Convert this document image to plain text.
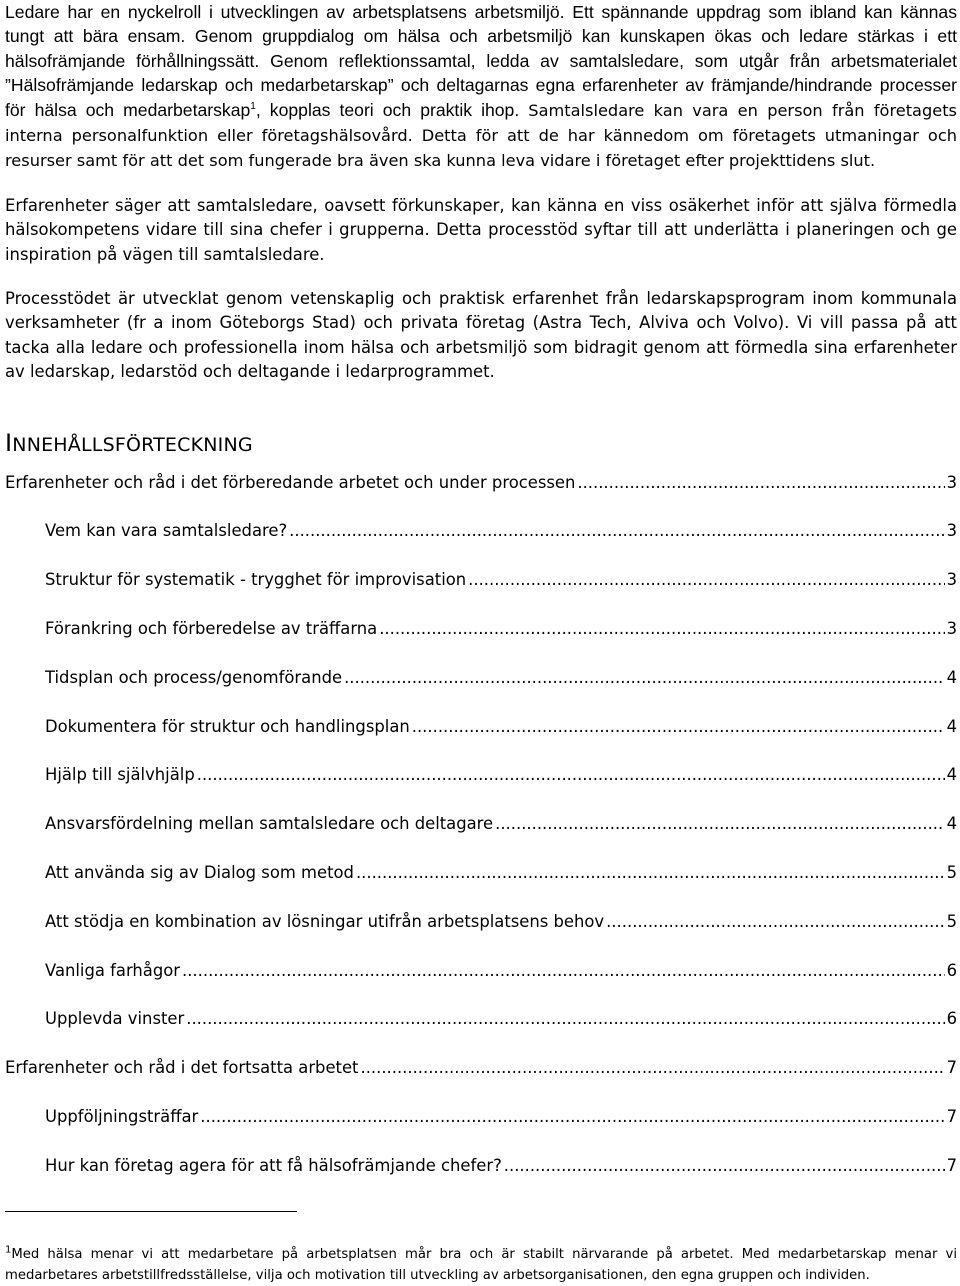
Ledare har en nyckelroll i utvecklingen av arbetsplatsens arbetsmiljö. Ett spännande uppdrag som ibland kan kännas tungt att bära ensam. Genom gruppdialog om hälsa och arbetsmiljö kan kunskapen ökas och ledare stärkas i ett hälsofrämjande förhållningssätt. Genom reflektionssamtal, ledda av samtalsledare, som utgår från arbetsmaterialet ”Hälsofrämjande ledarskap och medarbetarskap” och deltagarnas egna erfarenheter av främjande/hindrande processer för hälsa och medarbetarskap$^1$, kopplas teori och praktik ihop. Samtalsledare kan vara en person från företagets interna personalfunktion eller företagshälsovård. Detta för att de har kännedom om företagets utmaningar och resurser samt för att det som fungerade bra även ska kunna leva vidare i företaget efter projekttidens slut.

Erfarenheter säger att samtalsledare, oavsett förkunskaper, kan känna en viss osäkerhet inför att själva förmedla hälsokompetens vidare till sina chefer i grupperna. Detta processtöd syftar till att underlätta i planeringen och ge inspiration på vägen till samtalsledare.

Processtödet är utvecklat genom vetenskaplig och praktisk erfarenhet från ledarskapsprogram inom kommunala verksamheter (fr a inom Göteborgs Stad) och privata företag (Astra Tech, Alviva och Volvo). Vi vill passa på att tacka alla ledare och professionella inom hälsa och arbetsmiljö som bidragit genom att förmedla sina erfarenheter av ledarskap, ledarstöd och deltagande i ledarprogrammet.

INNEHÅLLSFÖRTECKNING
Erfarenheter och råd i det förberedande arbetet och under processen .....	3
Vem kan vara samtalsledare? .....	3
Struktur för systematik - trygghet för improvisation .....	3
Förankring och förberedelse av träffarna .....	3
Tidsplan och process/genomförande .....	4
Dokumentera för struktur och handlingsplan .....	4
Hjälp till självhjälp .....	4
Ansvarsfördelning mellan samtalsledare och deltagare .....	4
Att använda sig av Dialog som metod .....	5
Att stödja en kombination av lösningar utifrån arbetsplatsens behov .....	5
Vanliga farhågor .....	6
Upplevda vinster .....	6
Erfarenheter och råd i det fortsatta arbetet .....	7
Uppföljningsträffar .....	7
Hur kan företag agera för att få hälsofrämjande chefer? .....	7
$^1$Med hälsa menar vi att medarbetare på arbetsplatsen mår bra och är stabilt närvarande på arbetet. Med medarbetarskap menar vi medarbetares arbetstillfredsställelse, vilja och motivation till utveckling av arbetsorganisationen, den egna gruppen och individen.
